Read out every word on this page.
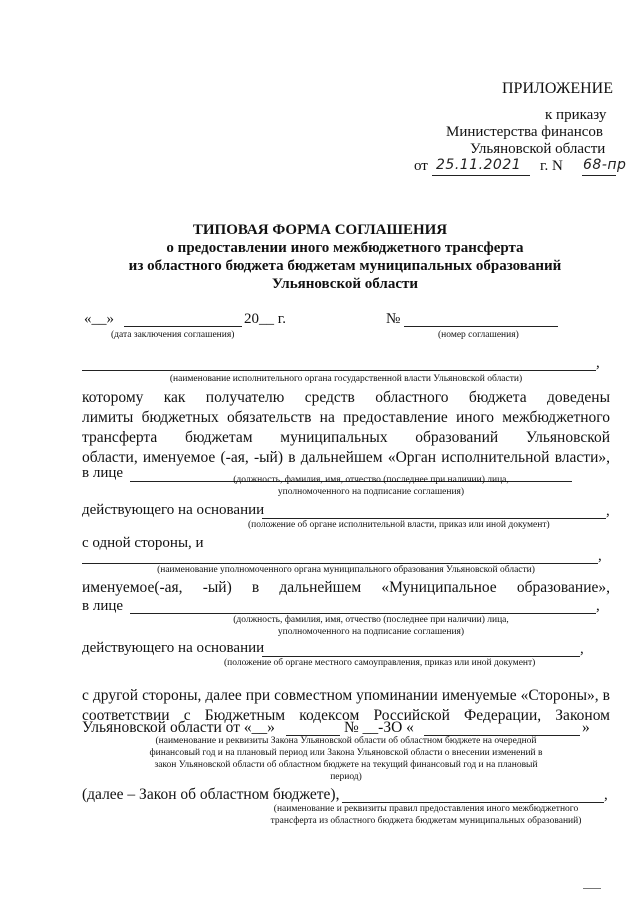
ПРИЛОЖЕНИЕ
к приказу
Министерства финансов
Ульяновской области
от 25.11.2021 г. N 68-пр
ТИПОВАЯ ФОРМА СОГЛАШЕНИЯ
о предоставлении иного межбюджетного трансферта
из областного бюджета бюджетам муниципальных образований
Ульяновской области
«__»	20__ г.	№
(дата заключения соглашения)	(номер соглашения)
,
(наименование исполнительного органа государственной власти Ульяновской области)
которому как получателю средств областного бюджета доведены
лимиты бюджетных обязательств на предоставление иного межбюджетного
трансферта бюджетам муниципальных образований Ульяновской
области, именуемое (-ая, -ый) в дальнейшем «Орган исполнительной власти»,
в лице	(должность, фамилия, имя, отчество (последнее при наличии) лица,
уполномоченного на подписание соглашения)
действующего на основании	,
(положение об органе исполнительной власти, приказ или иной документ)
с одной стороны, и
,
(наименование уполномоченного органа муниципального образования Ульяновской области)
именуемое(-ая, -ый) в дальнейшем «Муниципальное образование»,
в лице	,
(должность, фамилия, имя, отчество (последнее при наличии) лица,
уполномоченного на подписание соглашения)
действующего на основании	,
(положение об органе местного самоуправления, приказ или иной документ)
с другой стороны, далее при совместном упоминании именуемые «Стороны», в
соответствии с Бюджетным кодексом Российской Федерации, Законом
Ульяновской области от «__»	№ __-ЗО «	»
(наименование и реквизиты Закона Ульяновской области об областном бюджете на очередной
финансовый год и на плановый период или Закона Ульяновской области о внесении изменений в
закон Ульяновской области об областном бюджете на текущий финансовый год и на плановый
период)
(далее – Закон об областном бюджете),	,
(наименование и реквизиты правил предоставления иного межбюджетного
трансферта из областного бюджета бюджетам муниципальных образований)
